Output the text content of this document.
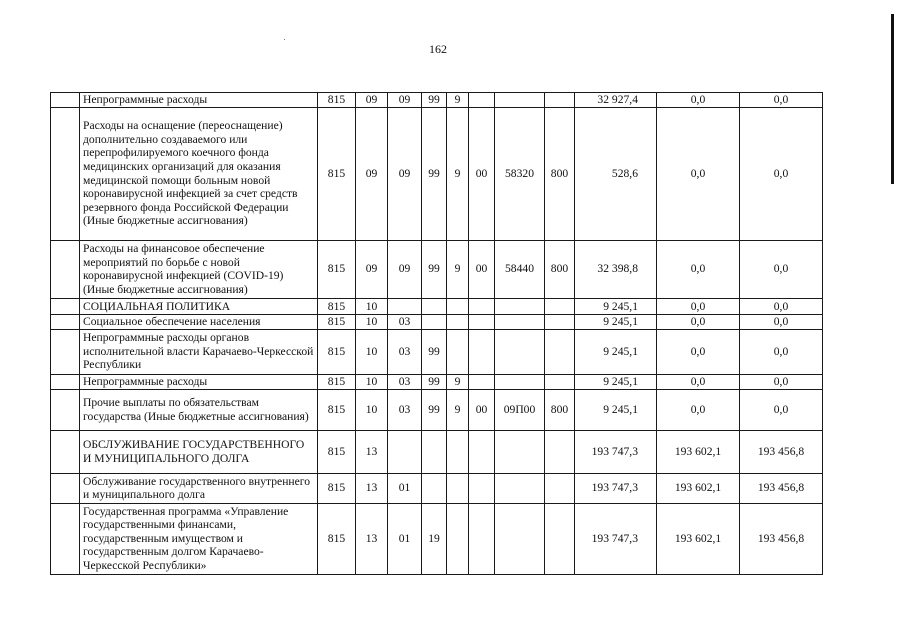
162
	Непрограммные расходы	815	09	09	99	9				32 927,4	0,0	0,0
	Расходы на оснащение (переоснащение) дополнительно создаваемого или перепрофилируемого коечного фонда медицинских организаций для оказания медицинской помощи больным новой коронавирусной инфекцией за счет средств резервного фонда Российской Федерации (Иные бюджетные ассигнования)	815	09	09	99	9	00	58320	800	528,6	0,0	0,0
	Расходы на финансовое обеспечение мероприятий по борьбе с новой коронавирусной инфекцией (COVID-19) (Иные бюджетные ассигнования)	815	09	09	99	9	00	58440	800	32 398,8	0,0	0,0
	СОЦИАЛЬНАЯ ПОЛИТИКА	815	10							9 245,1	0,0	0,0
	Социальное обеспечение населения	815	10	03						9 245,1	0,0	0,0
	Непрограммные расходы органов исполнительной власти Карачаево-Черкесской Республики	815	10	03	99					9 245,1	0,0	0,0
	Непрограммные расходы	815	10	03	99	9				9 245,1	0,0	0,0
	Прочие выплаты по обязательствам государства (Иные бюджетные ассигнования)	815	10	03	99	9	00	09П00	800	9 245,1	0,0	0,0
	ОБСЛУЖИВАНИЕ ГОСУДАРСТВЕННОГО И МУНИЦИПАЛЬНОГО ДОЛГА	815	13							193 747,3	193 602,1	193 456,8
	Обслуживание государственного внутреннего и муниципального долга	815	13	01						193 747,3	193 602,1	193 456,8
	Государственная программа «Управление государственными финансами, государственным имуществом и государственным долгом Карачаево-Черкесской Республики»	815	13	01	19					193 747,3	193 602,1	193 456,8
